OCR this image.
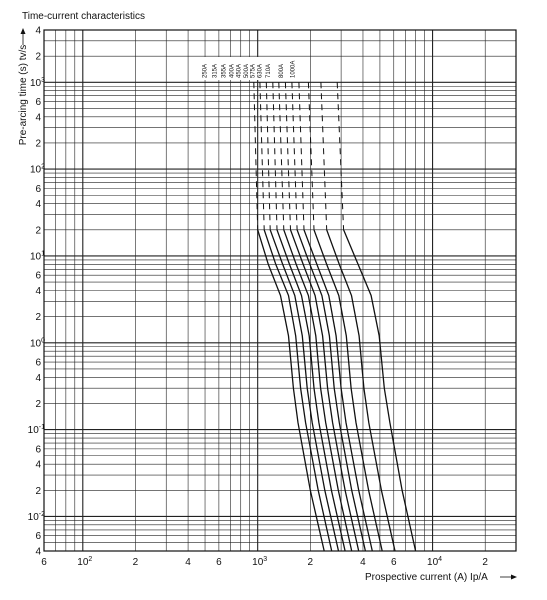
Time-current characteristics
250A 315A 355A 400A 450A 500A 575A 630A 710A 800A 1000A
4
2
$10^3$
6
4
2
$10^2$
6
4
2
$10^1$
6
4
2
$10^0$
6
4
2
$10^{-1}$
6
4
2
$10^{-2}$
6
4
6	$10^2$	2	4	6	$10^3$	2	4	6	$10^4$	2
Pre-arcing time (s) tv/s
Prospective current (A) Ip/A
